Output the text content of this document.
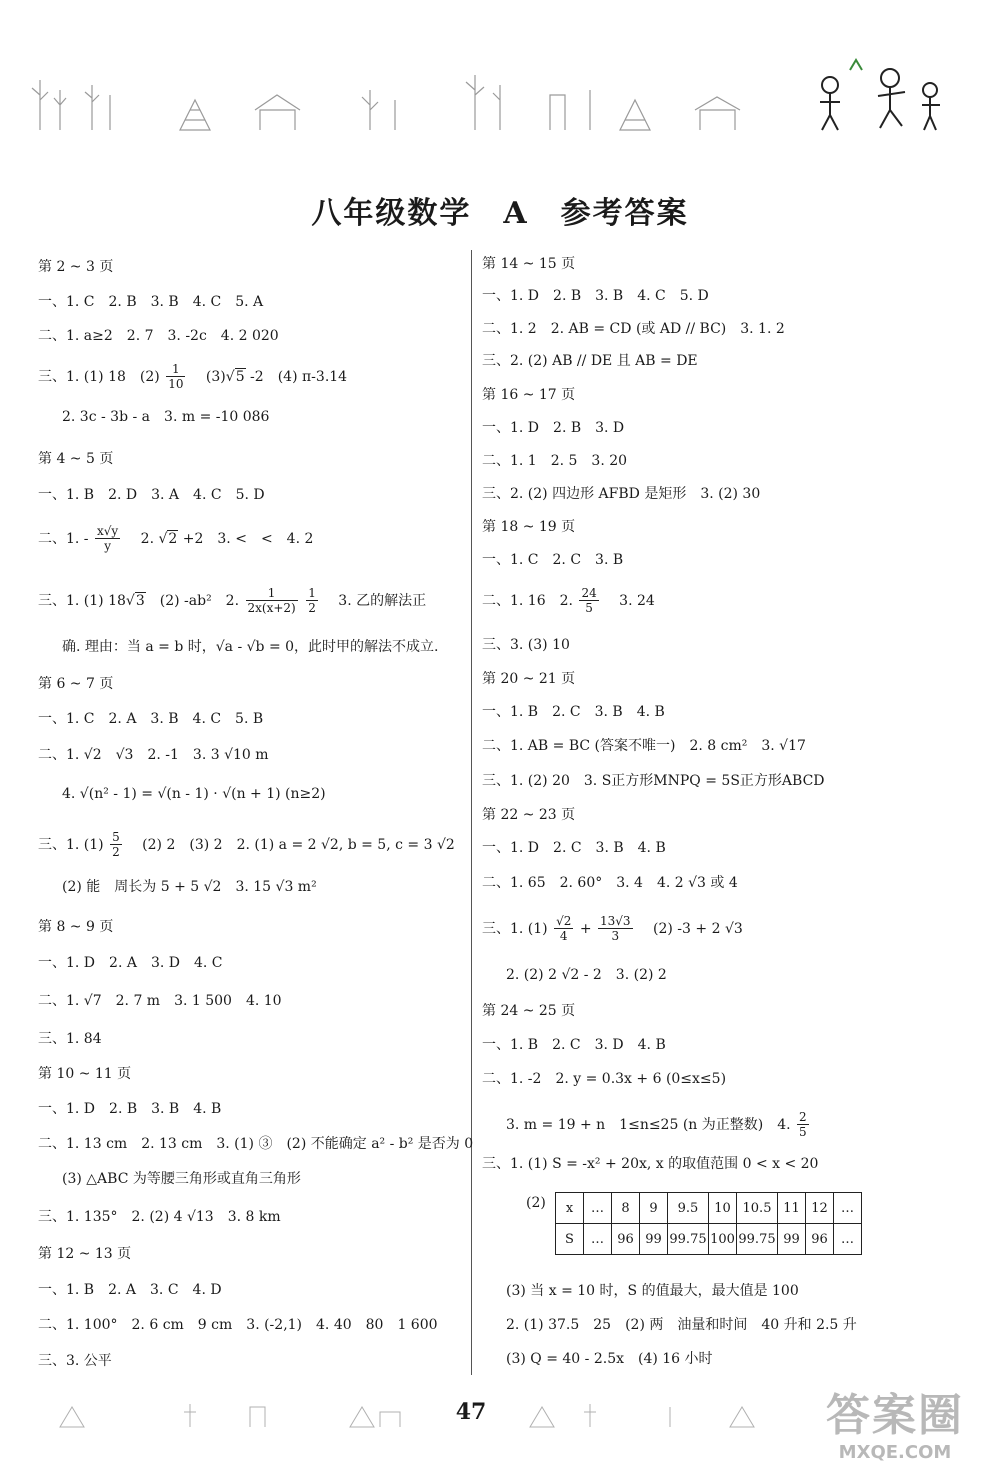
八年级数学　A　参考答案
第 2 ~ 3 页
一、1. C　2. B　3. B　4. C　5. A
二、1. a≥2　2. 7　3. -2c　4. 2 020
三、1. (1) 18　$(2) \frac{1}{10}$ 　(3) √ 5 -2　(4) π-3.14
2. 3c - 3b - a　3. m = -10 086
第 4 ~ 5 页
一、1. B　2. D　3. A　4. C　5. D
二、1. - $\frac{x√y}{y}$ 　2. √ 2 +2　3. <　<　4. 2
三、1. (1) 18 √ 3　(2) -ab²　2. $\frac{1}{2x(x+2)}$
$\frac{1}{2}$ 　3. 乙的解法正
确. 理由：当 a = b 时，√a - √b = 0，此时甲的解法不成立.
第 6 ~ 7 页
一、1. C　2. A　3. B　4. C　5. B
二、1. √2　√3　2. -1　3. 3 √10 m
4. √(n² - 1) = √(n - 1) · √(n + 1) (n≥2)
三、1. $(1) \frac{5}{2}$ 　(2) 2　(3) 2　2. (1) a = 2 √2, b = 5, c = 3 √2
(2) 能　周长为 5 + 5 √2　3. 15 √3 m²
第 8 ~ 9 页
一、1. D　2. A　3. D　4. C
二、1. √7　2. 7 m　3. 1 500　4. 10
三、1. 84
第 10 ~ 11 页
一、1. D　2. B　3. B　4. B
二、1. 13 cm　2. 13 cm　3. (1) ③　(2) 不能确定 a² - b² 是否为 0
(3) △ABC 为等腰三角形或直角三角形
三、1. 135°　2. (2) 4 √13　3. 8 km
第 12 ~ 13 页
一、1. B　2. A　3. C　4. D
二、1. 100°　2. 6 cm　9 cm　3. (-2,1)　4. 40　80　1 600
三、3. 公平
第 14 ~ 15 页
一、1. D　2. B　3. B　4. C　5. D
二、1. 2　2. AB = CD (或 AD // BC)　3. 1. 2
三、2. (2) AB // DE 且 AB = DE
第 16 ~ 17 页
一、1. D　2. B　3. D
二、1. 1　2. 5　3. 20
三、2. (2) 四边形 AFBD 是矩形　3. (2) 30
第 18 ~ 19 页
一、1. C　2. C　3. B
二、1. 16　2. $\frac{24}{5}$ 　3. 24
三、3. (3) 10
第 20 ~ 21 页
一、1. B　2. C　3. B　4. B
二、1. AB = BC (答案不唯一)　2. 8 cm²　3. √17
三、1. (2) 20　3. S正方形MNPQ = 5S正方形ABCD
第 22 ~ 23 页
一、1. D　2. C　3. B　4. B
二、1. 65　2. 60°　3. 4　4. 2 √3 或 4
三、1. $(1) \frac{√2}{4} + \frac{13√3}{3}$ 　(2) -3 + 2 √3
2. (2) 2 √2 - 2　3. (2) 2
第 24 ~ 25 页
一、1. B　2. C　3. D　4. B
二、1. -2　2. y = 0.3x + 6 (0≤x≤5)
3. m = 19 + n　1≤n≤25 (n 为正整数)　4. $\frac{2}{5}$
三、1. (1) S = -x² + 20x, x 的取值范围 0 < x < 20
(2) x	…	8	9	9.5	10	10.5	11	12	…
S	…	96	99	99.75	100	99.75	99	96	…
(3) 当 x = 10 时，S 的值最大，最大值是 100
2. (1) 37.5　25　(2) 两　油量和时间　40 升和 2.5 升
(3) Q = 40 - 2.5x　(4) 16 小时
47	答案圈
MXQE.COM
